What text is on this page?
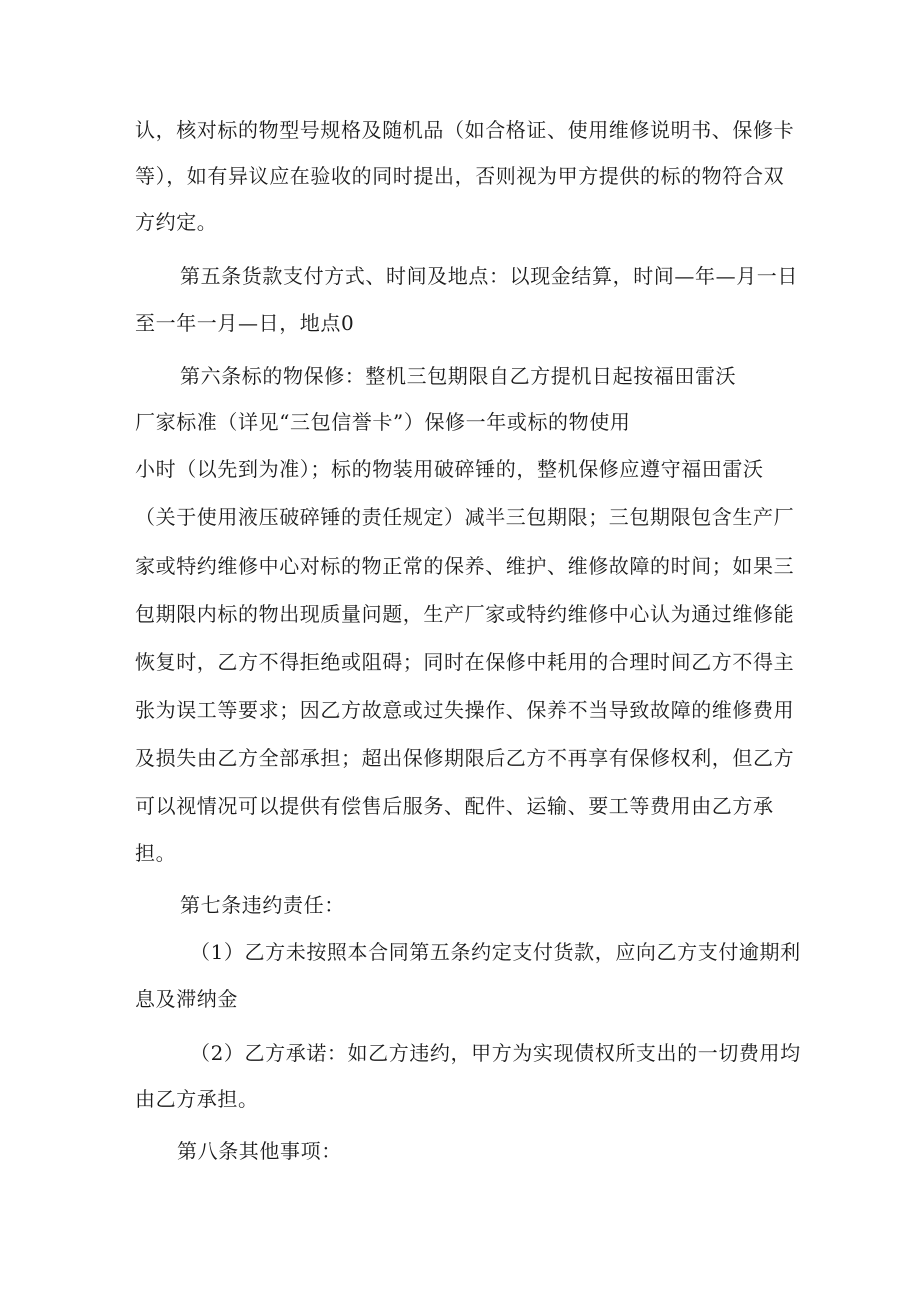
认，核对标的物型号规格及随机品（如合格证、使用维修说明书、保修卡
等），如有异议应在验收的同时提出，否则视为甲方提供的标的物符合双
方约定。
第五条货款支付方式、时间及地点：以现金结算，时间—年—月一日
至一年一月—日，地点0
第六条标的物保修：整机三包期限自乙方提机日起按福田雷沃
厂家标准（详见“三包信誉卡”）保修一年或标的物使用
小时（以先到为准）；标的物装用破碎锤的，整机保修应遵守福田雷沃
（关于使用液压破碎锤的责任规定）减半三包期限；三包期限包含生产厂
家或特约维修中心对标的物正常的保养、维护、维修故障的时间；如果三
包期限内标的物出现质量问题，生产厂家或特约维修中心认为通过维修能
恢复时，乙方不得拒绝或阻碍；同时在保修中耗用的合理时间乙方不得主
张为误工等要求；因乙方故意或过失操作、保养不当导致故障的维修费用
及损失由乙方全部承担；超出保修期限后乙方不再享有保修权利，但乙方
可以视情况可以提供有偿售后服务、配件、运输、要工等费用由乙方承
担。
第七条违约责任：
（1）乙方未按照本合同第五条约定支付货款，应向乙方支付逾期利
息及滞纳金
（2）乙方承诺：如乙方违约，甲方为实现债权所支出的一切费用均
由乙方承担。
第八条其他事项：
